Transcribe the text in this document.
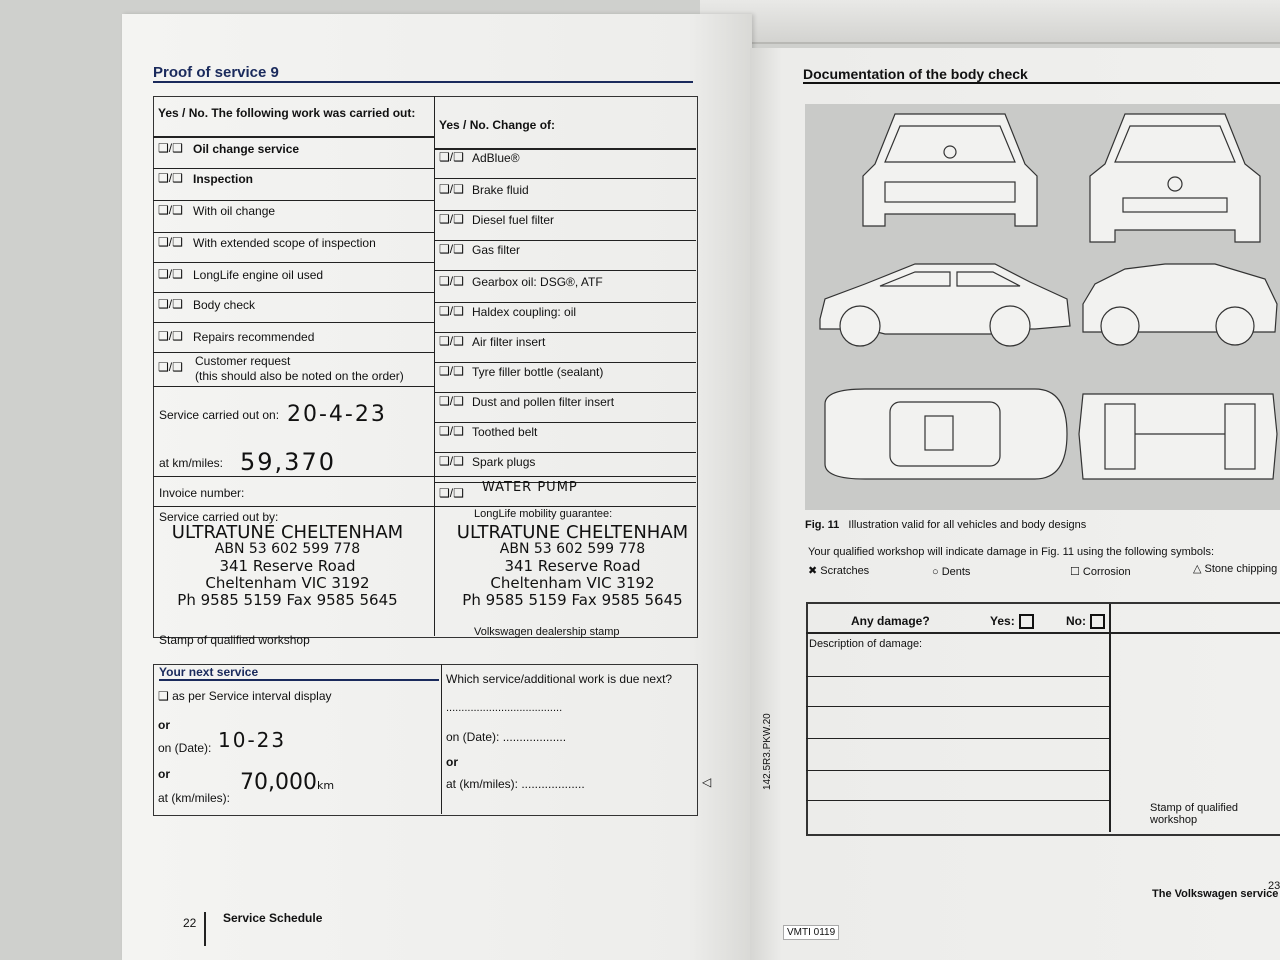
Proof of service 9
Yes / No. The following work was carried out:
Yes / No. Change of:
❑/❑ Oil change service
❑/❑ Inspection
❑/❑ With oil change
❑/❑ With extended scope of inspection
❑/❑ LongLife engine oil used
❑/❑ Body check
❑/❑ Repairs recommended
❑/❑ Customer request
(this should also be noted on the order)
Service carried out on: 20-4-23
at km/miles: 59,370
Invoice number:
❑/❑ AdBlue®
❑/❑ Brake fluid
❑/❑ Diesel fuel filter
❑/❑ Gas filter
❑/❑ Gearbox oil: DSG®, ATF
❑/❑ Haldex coupling: oil
❑/❑ Air filter insert
❑/❑ Tyre filler bottle (sealant)
❑/❑ Dust and pollen filter insert
❑/❑ Toothed belt
❑/❑ Spark plugs
❑/❑ WATER PUMP
Service carried out by:	LongLife mobility guarantee:
ULTRATUNE CHELTENHAM
ABN 53 602 599 778
341 Reserve Road
Cheltenham VIC 3192
Ph 9585 5159 Fax 9585 5645
ULTRATUNE CHELTENHAM
ABN 53 602 599 778
341 Reserve Road
Cheltenham VIC 3192
Ph 9585 5159 Fax 9585 5645
Stamp of qualified workshop
Volkswagen dealership stamp
Your next service
❑ as per Service interval display
or
on (Date): 10-23
or
at (km/miles):
70,000km
Which service/additional work is due next?
......................................
on (Date): ...................
or
at (km/miles): ...................	◁
22 Service Schedule
Documentation of the body check
Fig. 11 Illustration valid for all vehicles and body designs
Your qualified workshop will indicate damage in Fig. 11 using the following symbols:
✖ Scratches	○ Dents	☐ Corrosion	△ Stone chipping
Any damage?	Yes:	No:
Description of damage:
Stamp of qualified workshop
142.5R3.PKW.20
VMTI 0119
The Volkswagen service
23
